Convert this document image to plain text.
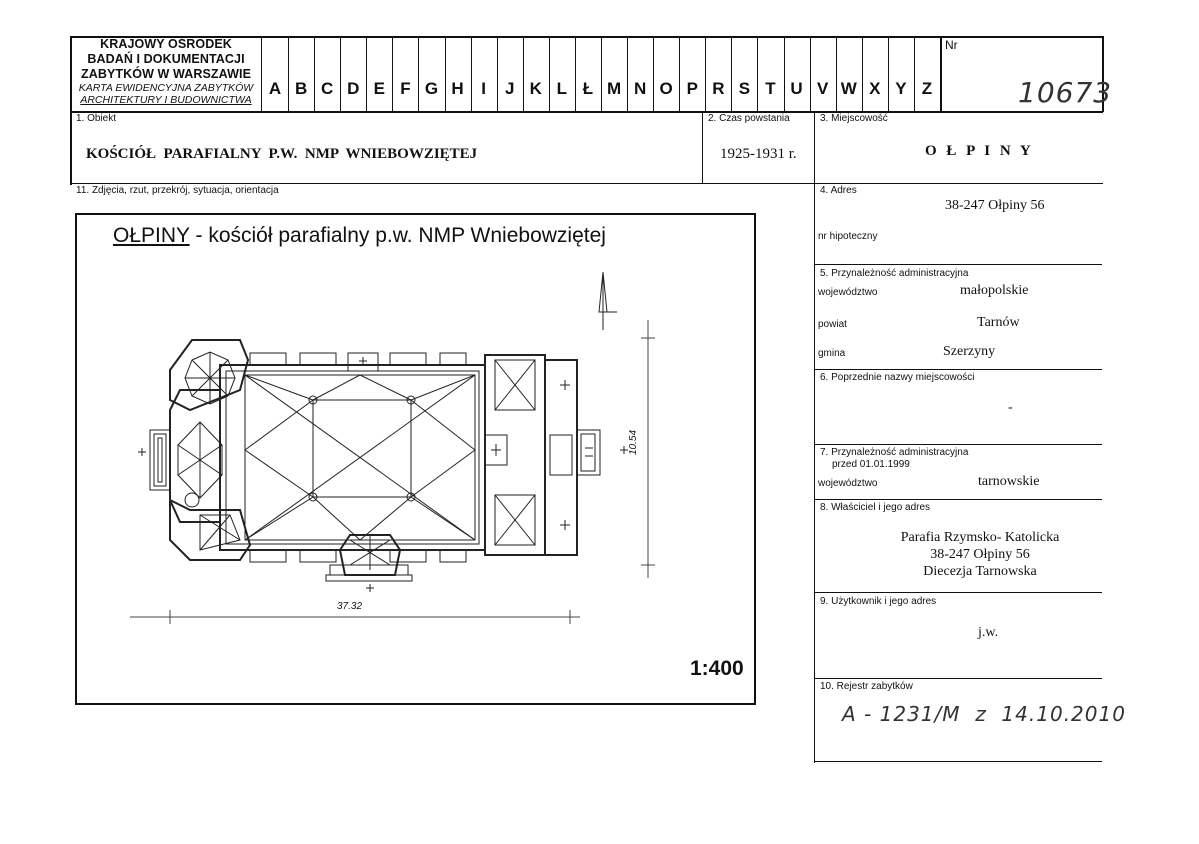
KRAJOWY OŚRODEK
BADAŃ I DOKUMENTACJI
ZABYTKÓW W WARSZAWIE
KARTA EWIDENCYJNA ZABYTKÓW
ARCHITEKTURY I BUDOWNICTWA
A B C D E F G H	I	J K L Ł M N O P R S T U V W X Y Z
Nr
10673
1. Obiekt
KOŚCIÓŁ  PARAFIALNY  P.W.  NMP  WNIEBOWZIĘTEJ
2. Czas powstania
1925-1931 r.
3. Miejscowość
O Ł P I N Y
11. Zdjęcia, rzut, przekrój, sytuacja, orientacja	4. Adres
38-247 Ołpiny 56
nr hipoteczny
5. Przynależność administracyjna
województwo	małopolskie
powiat	Tarnów
gmina	Szerzyny
6. Poprzednie nazwy miejscowości
-
7. Przynależność administracyjna
przed 01.01.1999
województwo	tarnowskie
8. Właściciel i jego adres
Parafia Rzymsko- Katolicka
38-247 Ołpiny 56
Diecezja Tarnowska
9. Użytkownik i jego adres
j.w.
10. Rejestr zabytków
A - 1231/M  z  14.10.2010
OŁPINY - kościół parafialny p.w. NMP Wniebowziętej
37.32
10.54
1:400
